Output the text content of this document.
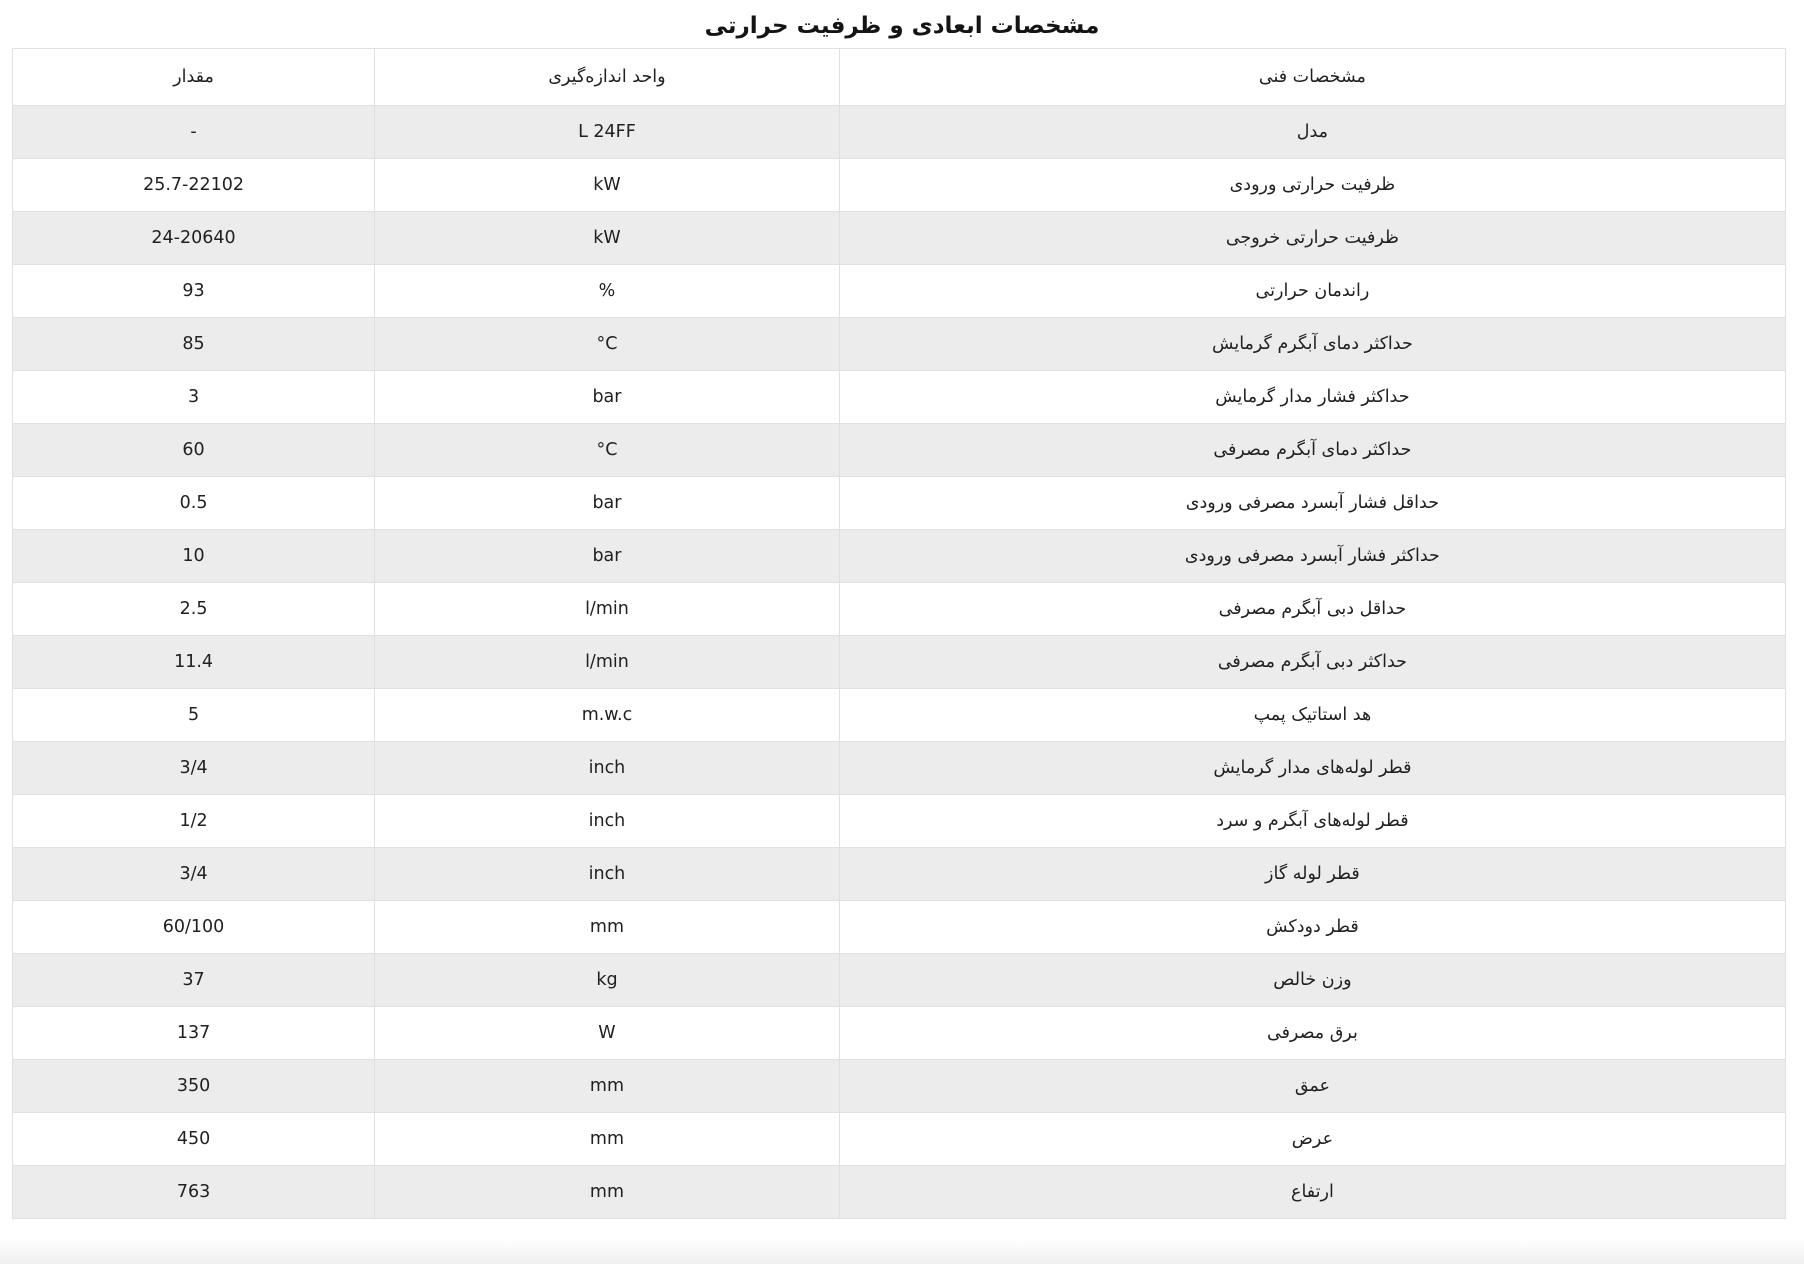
مشخصات ابعادی و ظرفیت حرارتی
مشخصات فنی	واحد اندازه‌گیری	مقدار
مدل	L 24FF	-
ظرفیت حرارتی ورودی	kW	25.7-22102
ظرفیت حرارتی خروجی	kW	24-20640
راندمان حرارتی	%	93
حداکثر دمای آبگرم گرمایش	°C	85
حداکثر فشار مدار گرمایش	bar	3
حداکثر دمای آبگرم مصرفی	°C	60
حداقل فشار آبسرد مصرفی ورودی	bar	0.5
حداکثر فشار آبسرد مصرفی ورودی	bar	10
حداقل دبی آبگرم مصرفی	l/min	2.5
حداکثر دبی آبگرم مصرفی	l/min	11.4
هد استاتیک پمپ	m.w.c	5
قطر لوله‌های مدار گرمایش	inch	3/4
قطر لوله‌های آبگرم و سرد	inch	1/2
قطر لوله گاز	inch	3/4
قطر دودکش	mm	60/100
وزن خالص	kg	37
برق مصرفی	W	137
عمق	mm	350
عرض	mm	450
ارتفاع	mm	763
